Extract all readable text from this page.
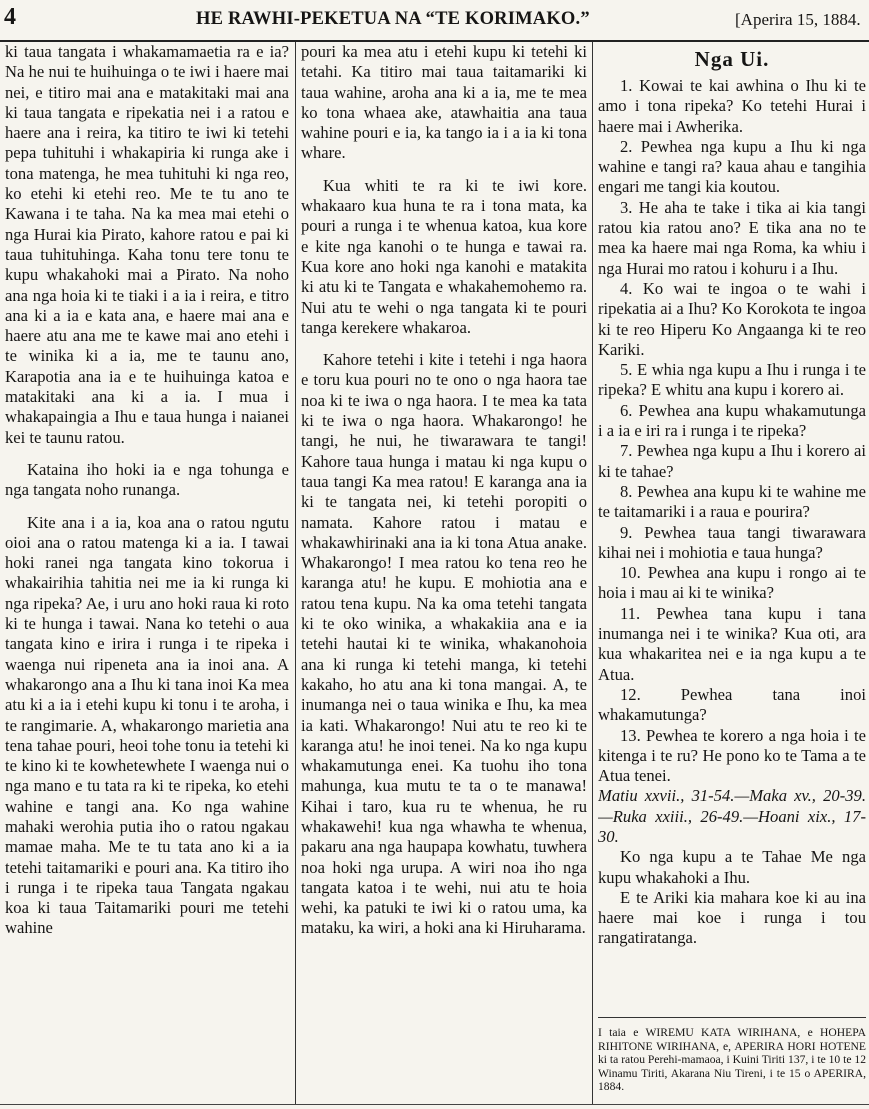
4	HE RAWHI-PEKETUA NA “TE KORIMAKO.”	[Aperira 15, 1884.

ki taua tangata i whakamamaetia ra e ia? Na he nui te huihuinga o te iwi i haere mai nei, e titiro mai ana e matakitaki mai ana ki taua tangata e ripekatia nei i a ratou e haere ana i reira, ka titiro te iwi ki tetehi pepa tuhituhi i whakapiria ki runga ake i tona matenga, he mea tuhituhi ki nga reo, ko etehi ki etehi reo. Me te tu ano te Kawana i te taha. Na ka mea mai etehi o nga Hurai kia Pirato, kahore ratou e pai ki taua tuhituhinga. Kaha tonu tere tonu te kupu whakahoki mai a Pirato. Na noho ana nga hoia ki te tiaki i a ia i reira, e titro ana ki a ia e kata ana, e haere mai ana e haere atu ana me te kawe mai ano etehi i te winika ki a ia, me te taunu ano, Karapotia ana ia e te huihuinga katoa e matakitaki ana ki a ia. I mua i whakapaingia a Ihu e taua hunga i naianei kei te taunu ratou.

Kataina iho hoki ia e nga tohunga e nga tangata noho runanga.

Kite ana i a ia, koa ana o ratou ngutu oioi ana o ratou matenga ki a ia. I tawai hoki ranei nga tangata kino tokorua i whakairihia tahitia nei me ia ki runga ki nga ripeka? Ae, i uru ano hoki raua ki roto ki te hunga i tawai. Nana ko tetehi o aua tangata kino e irira i runga i te ripeka i waenga nui ripeneta ana ia inoi ana. A whakarongo ana a Ihu ki tana inoi Ka mea atu ki a ia i etehi kupu ki tonu i te aroha, i te rangimarie. A, whakarongo marietia ana tena tahae pouri, heoi tohe tonu ia tetehi ki te kino ki te kowhetewhete I waenga nui o nga mano e tu tata ra ki te ripeka, ko etehi wahine e tangi ana. Ko nga wahine mahaki werohia putia iho o ratou ngakau mamae maha. Me te tu tata ano ki a ia tetehi taitamariki e pouri ana. Ka titiro iho i runga i te ripeka taua Tangata ngakau koa ki taua Taitamariki pouri me tetehi wahine

pouri ka mea atu i etehi kupu ki tetehi ki tetahi. Ka titiro mai taua taitamariki ki taua wahine, aroha ana ki a ia, me te mea ko tona whaea ake, atawhaitia ana taua wahine pouri e ia, ka tango ia i a ia ki tona whare.

Kua whiti te ra ki te iwi kore. whakaaro kua huna te ra i tona mata, ka pouri a runga i te whenua katoa, kua kore e kite nga kanohi o te hunga e tawai ra. Kua kore ano hoki nga kanohi e matakita ki atu ki te Tangata e whakahemohemo ra. Nui atu te wehi o nga tangata ki te pouri tanga kerekere whakaroa.

Kahore tetehi i kite i tetehi i nga haora e toru kua pouri no te ono o nga haora tae noa ki te iwa o nga haora. I te mea ka tata ki te iwa o nga haora. Whakarongo! he tangi, he nui, he tiwarawara te tangi! Kahore taua hunga i matau ki nga kupu o taua tangi Ka mea ratou! E karanga ana ia ki te tangata nei, ki tetehi poropiti o namata. Kahore ratou i matau e whakawhirinaki ana ia ki tona Atua anake. Whakarongo! I mea ratou ko tena reo he karanga atu! he kupu. E mohiotia ana e ratou tena kupu. Na ka oma tetehi tangata ki te oko winika, a whakakiia ana e ia tetehi hautai ki te winika, whakanohoia ana ki runga ki tetehi manga, ki tetehi kakaho, ho atu ana ki tona mangai. A, te inumanga nei o taua winika e Ihu, ka mea ia kati. Whakarongo! Nui atu te reo ki te karanga atu! he inoi tenei. Na ko nga kupu whakamutunga enei. Ka tuohu iho tona mahunga, kua mutu te ta o te manawa! Kihai i taro, kua ru te whenua, he ru whakawehi! kua nga whawha te whenua, pakaru ana nga haupapa kowhatu, tuwhera noa hoki nga urupa. A wiri noa iho nga tangata katoa i te wehi, nui atu te hoia wehi, ka patuki te iwi ki o ratou uma, ka mataku, ka wiri, a hoki ana ki Hiruharama.

Nga Ui.

1. Kowai te kai awhina o Ihu ki te amo i tona ripeka? Ko tetehi Hurai i haere mai i Awherika.

2. Pewhea nga kupu a Ihu ki nga wahine e tangi ra? kaua ahau e tangihia engari me tangi kia koutou.

3. He aha te take i tika ai kia tangi ratou kia ratou ano? E tika ana no te mea ka haere mai nga Roma, ka whiu i nga Hurai mo ratou i kohuru i a Ihu.

4. Ko wai te ingoa o te wahi i ripekatia ai a Ihu? Ko Korokota te ingoa ki te reo Hiperu Ko Angaanga ki te reo Kariki.

5. E whia nga kupu a Ihu i runga i te ripeka? E whitu ana kupu i korero ai.

6. Pewhea ana kupu whakamutunga i a ia e iri ra i runga i te ripeka?

7. Pewhea nga kupu a Ihu i korero ai ki te tahae?

8. Pewhea ana kupu ki te wahine me te taitamariki i a raua e pourira?

9. Pewhea taua tangi tiwarawara kihai nei i mohiotia e taua hunga?

10. Pewhea ana kupu i rongo ai te hoia i mau ai ki te winika?

11. Pewhea tana kupu i tana inumanga nei i te winika? Kua oti, ara kua whakaritea nei e ia nga kupu a te Atua.

12. Pewhea tana inoi whakamutunga?

13. Pewhea te korero a nga hoia i te kitenga i te ru? He pono ko te Tama a te Atua tenei.

Matiu xxvii., 31-54.—Maka xv., 20-39.—Ruka xxiii., 26-49.—Hoani xix., 17-30.

Ko nga kupu a te Tahae Me nga kupu whakahoki a Ihu.

E te Ariki kia mahara koe ki au ina haere mai koe i runga i tou rangatiratanga.

I taia e WIREMU KATA WIRIHANA, e HOHEPA RIHITONE WIRIHANA, e, APERIRA HORI HOTENE ki ta ratou Perehi-mamaoa, i Kuini Tiriti 137, i te 10 te 12 Winamu Tiriti, Akarana Niu Tireni, i te 15 o APERIRA, 1884.
